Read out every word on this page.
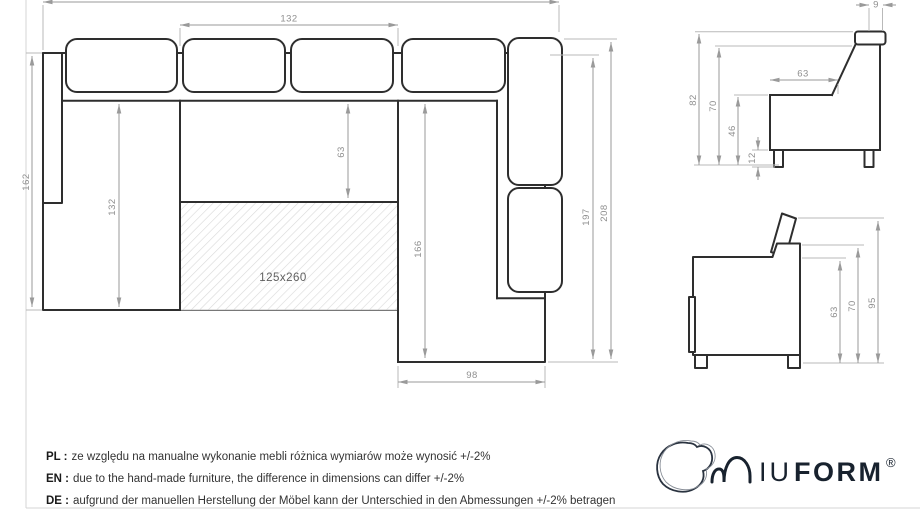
132
162
132
63
166
197 208
98
125x260
82
70
46
12
63
9
63
70 95
IU FORM ®
PL : ze względu na manualne wykonanie mebli różnica wymiarów może wynosić +/-2%
EN : due to the hand-made furniture, the difference in dimensions can differ +/-2%
DE : aufgrund der manuellen Herstellung der Möbel kann der Unterschied in den Abmessungen +/-2% betragen
